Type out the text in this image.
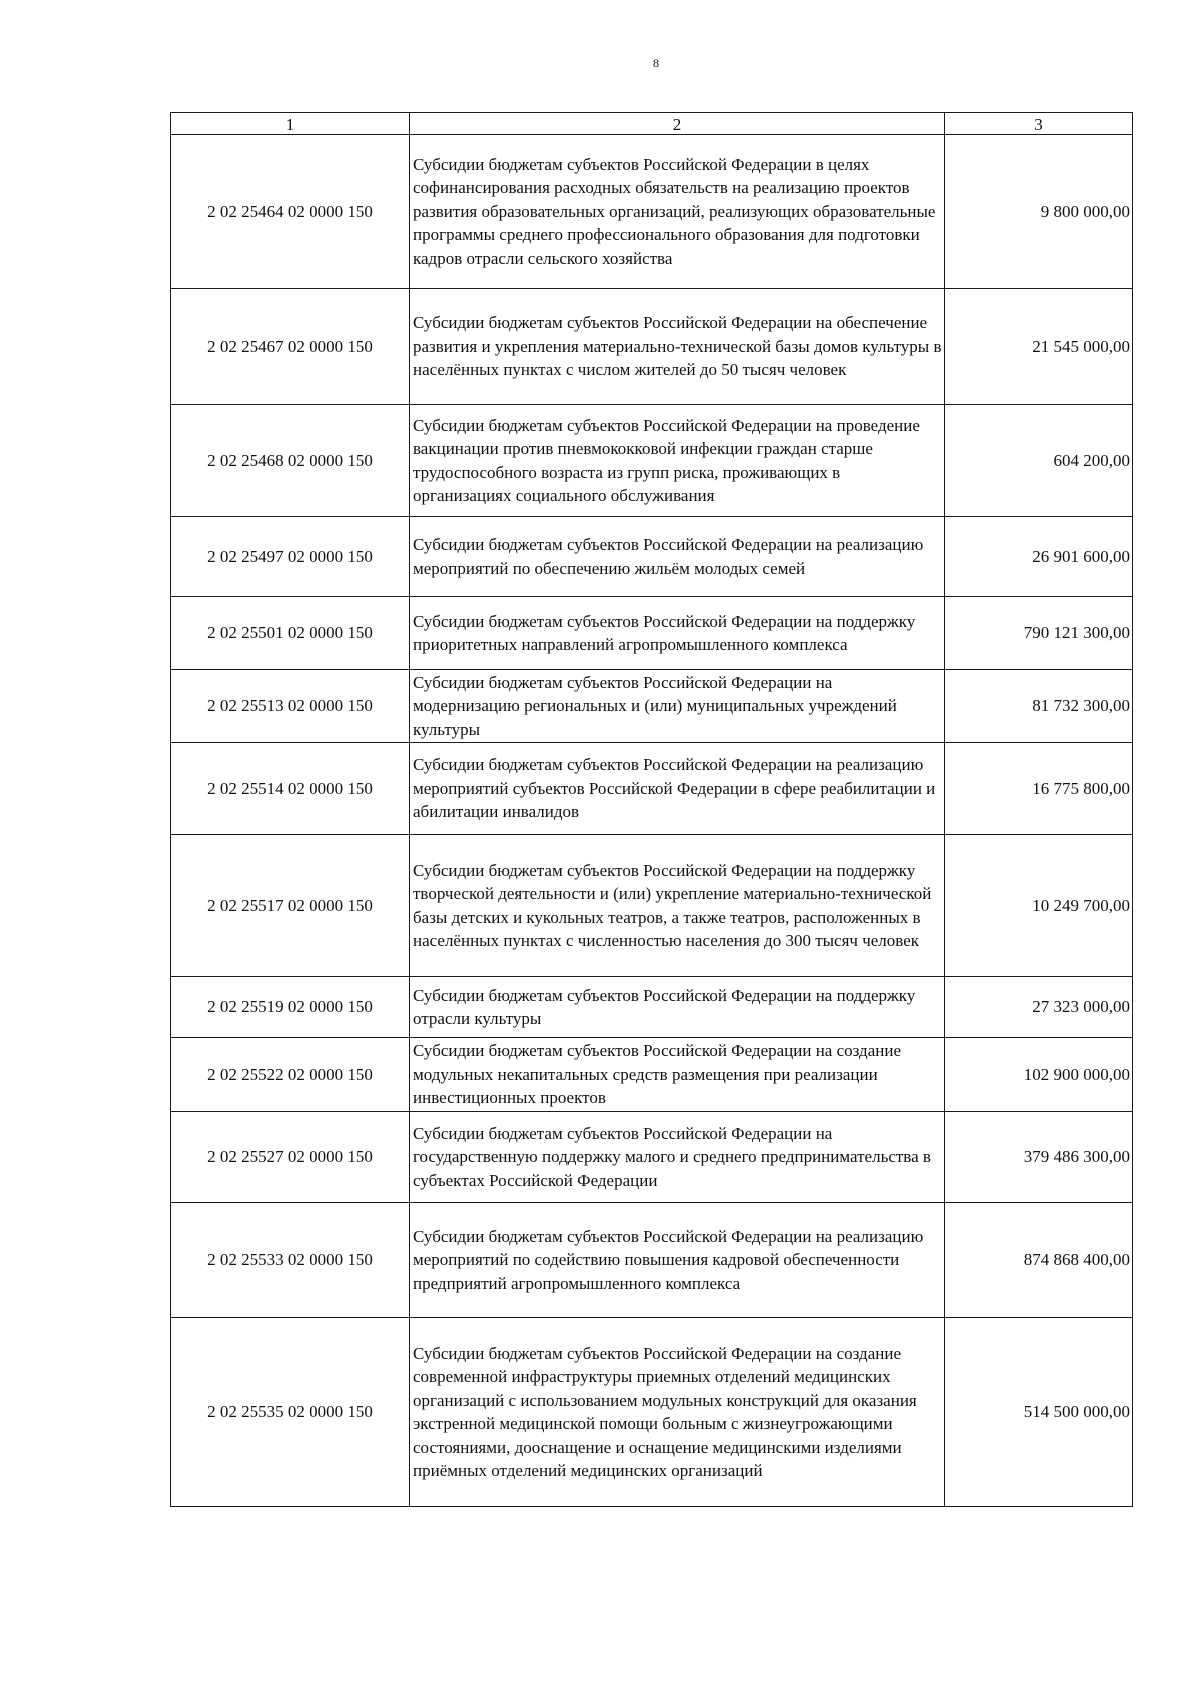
8
1	2	3
2 02 25464 02 0000 150	Субсидии бюджетам субъектов Российской Федерации в целях софинансирования расходных обязательств на реализацию проектов развития образовательных организаций, реализующих образовательные программы среднего профессионального образования для подготовки кадров отрасли сельского хозяйства	9 800 000,00
2 02 25467 02 0000 150	Субсидии бюджетам субъектов Российской Федерации на обеспечение развития и укрепления материально-технической базы домов культуры в населённых пунктах с числом жителей до 50 тысяч человек	21 545 000,00
2 02 25468 02 0000 150	Субсидии бюджетам субъектов Российской Федерации на проведение вакцинации против пневмококковой инфекции граждан старше трудоспособного возраста из групп риска, проживающих в организациях социального обслуживания	604 200,00
2 02 25497 02 0000 150	Субсидии бюджетам субъектов Российской Федерации на реализацию мероприятий по обеспечению жильём молодых семей	26 901 600,00
2 02 25501 02 0000 150	Субсидии бюджетам субъектов Российской Федерации на поддержку приоритетных направлений агропромышленного комплекса	790 121 300,00
2 02 25513 02 0000 150	Субсидии бюджетам субъектов Российской Федерации на модернизацию региональных и (или) муниципальных учреждений культуры	81 732 300,00
2 02 25514 02 0000 150	Субсидии бюджетам субъектов Российской Федерации на реализацию мероприятий субъектов Российской Федерации в сфере реабилитации и абилитации инвалидов	16 775 800,00
2 02 25517 02 0000 150	Субсидии бюджетам субъектов Российской Федерации на поддержку творческой деятельности и (или) укрепление материально-технической базы детских и кукольных театров, а также театров, расположенных в населённых пунктах с численностью населения до 300 тысяч человек	10 249 700,00
2 02 25519 02 0000 150	Субсидии бюджетам субъектов Российской Федерации на поддержку отрасли культуры	27 323 000,00
2 02 25522 02 0000 150	Субсидии бюджетам субъектов Российской Федерации на создание модульных некапитальных средств размещения при реализации инвестиционных проектов	102 900 000,00
2 02 25527 02 0000 150	Субсидии бюджетам субъектов Российской Федерации на государственную поддержку малого и среднего предпринимательства в субъектах Российской Федерации	379 486 300,00
2 02 25533 02 0000 150	Субсидии бюджетам субъектов Российской Федерации на реализацию мероприятий по содействию повышения кадровой обеспеченности предприятий агропромышленного комплекса	874 868 400,00
2 02 25535 02 0000 150	Субсидии бюджетам субъектов Российской Федерации на создание современной инфраструктуры приемных отделений медицинских организаций с использованием модульных конструкций для оказания экстренной медицинской помощи больным с жизнеугрожающими состояниями, дооснащение и оснащение медицинскими изделиями приёмных отделений медицинских организаций	514 500 000,00
